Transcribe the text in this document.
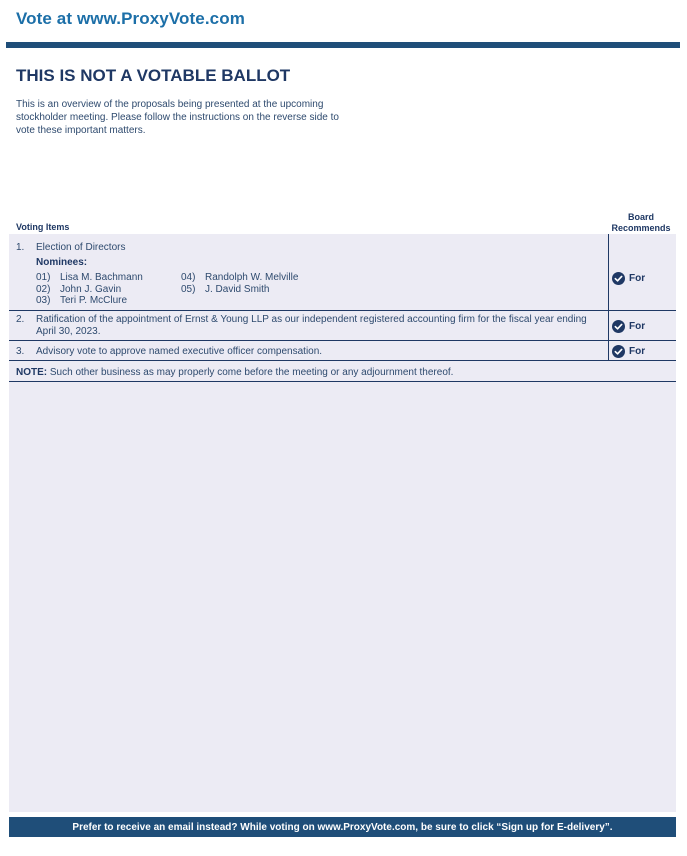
Vote at www.ProxyVote.com
THIS IS NOT A VOTABLE BALLOT
This is an overview of the proposals being presented at the upcoming stockholder meeting. Please follow the instructions on the reverse side to vote these important matters.
Voting Items
Board
Recommends
1. Election of Directors
Nominees:
01) Lisa M. Bachmann
02) John J. Gavin
03) Teri P. McClure
04) Randolph W. Melville
05) J. David Smith
For
2. Ratification of the appointment of Ernst & Young LLP as our independent registered accounting firm for the fiscal year ending April 30, 2023.	For
3. Advisory vote to approve named executive officer compensation.	For
NOTE: Such other business as may properly come before the meeting or any adjournment thereof.
Prefer to receive an email instead? While voting on www.ProxyVote.com, be sure to click “Sign up for E-delivery”.
